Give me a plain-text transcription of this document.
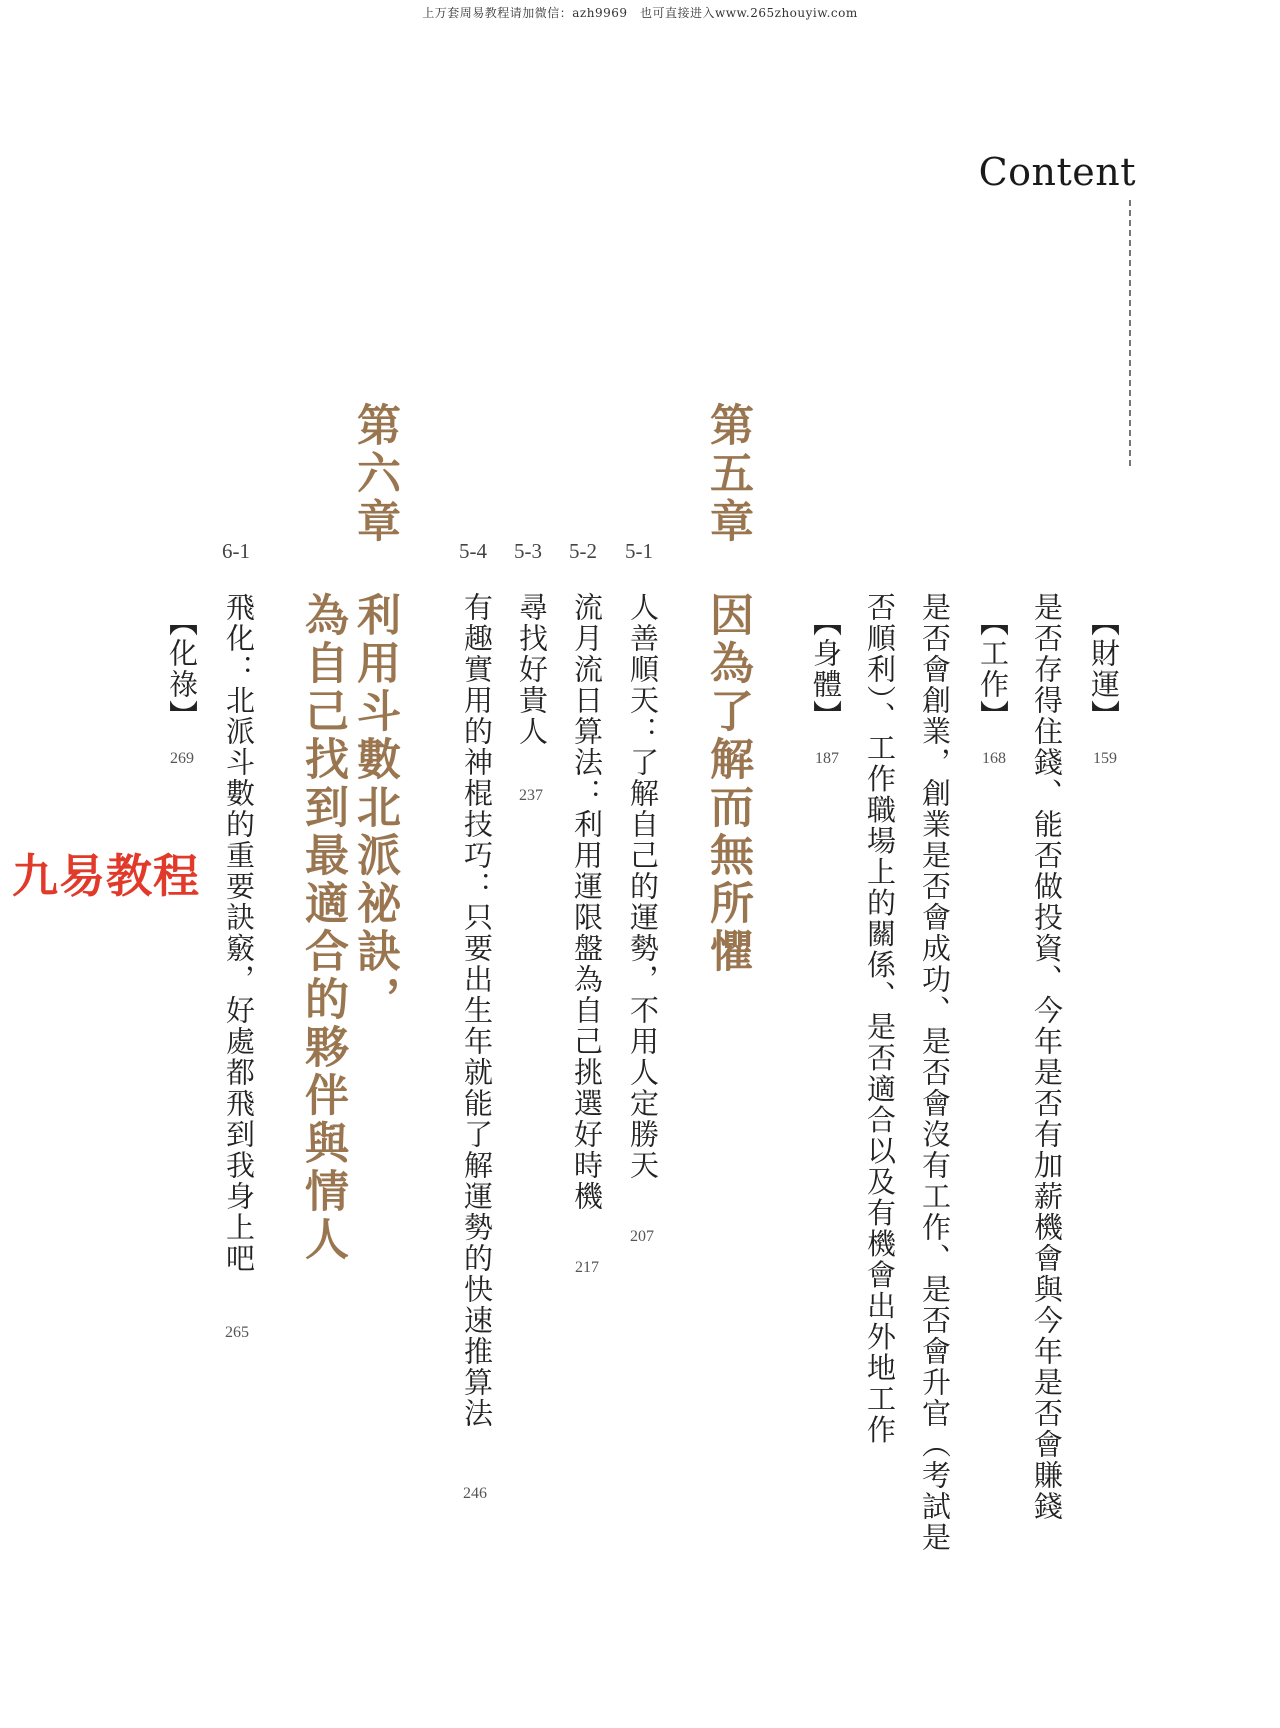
上万套周易教程请加微信：azh9969　也可直接进入www.265zhouyiw.com
Content
【財運】
159
是否存得住錢、能否做投資、今年是否有加薪機會與今年是否會賺錢
【工作】
168
是否會創業，創業是否會成功、是否會沒有工作、是否會升官（考試是
否順利）、工作職場上的關係、是否適合以及有機會出外地工作
【身體】
187
第五章
因為了解而無所懼
5-1
人善順天：了解自己的運勢，不用人定勝天
207
5-2
流月流日算法：利用運限盤為自己挑選好時機
217
5-3
尋找好貴人
237
5-4
有趣實用的神棍技巧：只要出生年就能了解運勢的快速推算法
246
第六章
利用斗數北派祕訣，
為自己找到最適合的夥伴與情人
6-1
飛化：北派斗數的重要訣竅，好處都飛到我身上吧
265
【化祿】
269
九易教程
